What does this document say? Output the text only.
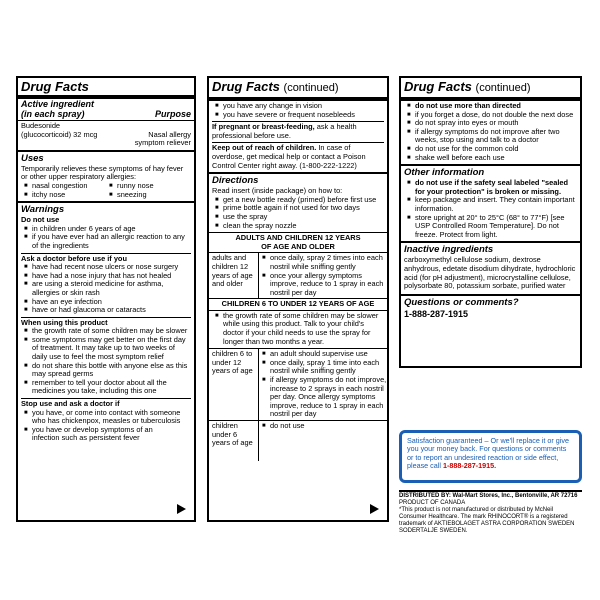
Drug Facts
Active ingredient
(in each spray)	Purpose
Budesonide
(glucocorticoid) 32 mcg	Nasal allergy symptom reliever
Uses
Temporarily relieves these symptoms of hay fever or other upper respiratory allergies:
■ nasal congestion	■ runny nose
■ itchy nose	■ sneezing
Warnings
Do not use
■ in children under 6 years of age
■ if you have ever had an allergic reaction to any of the ingredients
Ask a doctor before use if you
■ have had recent nose ulcers or nose surgery
■ have had a nose injury that has not healed
■ are using a steroid medicine for asthma, allergies or skin rash
■ have an eye infection
■ have or had glaucoma or cataracts
When using this product
■ the growth rate of some children may be slower
■ some symptoms may get better on the first day of treatment. It may take up to two weeks of daily use to feel the most symptom relief
■ do not share this bottle with anyone else as this may spread germs
■ remember to tell your doctor about all the medicines you take, including this one
Stop use and ask a doctor if
■ you have, or come into contact with someone who has chickenpox, measles or tuberculosis
■ you have or develop symptoms of an infection such as persistent fever
Drug Facts (continued)
■ you have any change in vision
■ you have severe or frequent nosebleeds
If pregnant or breast-feeding, ask a health professional before use.
Keep out of reach of children. In case of overdose, get medical help or contact a Poison Control Center right away. (1-800-222-1222)
Directions
Read insert (inside package) on how to:
■ get a new bottle ready (primed) before first use
■ prime bottle again if not used for two days
■ use the spray
■ clean the spray nozzle
ADULTS AND CHILDREN 12 YEARS OF AGE AND OLDER
adults and children 12 years of age and older
■ once daily, spray 2 times into each nostril while sniffing gently
■ once your allergy symptoms improve, reduce to 1 spray in each nostril per day
CHILDREN 6 TO UNDER 12 YEARS OF AGE
■ the growth rate of some children may be slower while using this product. Talk to your child's doctor if your child needs to use the spray for longer than two months a year.
children 6 to under 12 years of age
■ an adult should supervise use
■ once daily, spray 1 time into each nostril while sniffing gently
■ if allergy symptoms do not improve, increase to 2 sprays in each nostril per day. Once allergy symptoms improve, reduce to 1 spray in each nostril per day
children under 6 years of age
■ do not use
Drug Facts (continued)
■ do not use more than directed
■ if you forget a dose, do not double the next dose
■ do not spray into eyes or mouth
■ if allergy symptoms do not improve after two weeks, stop using and talk to a doctor
■ do not use for the common cold
■ shake well before each use
Other information
■ do not use if the safety seal labeled "sealed for your protection" is broken or missing.
■ keep package and insert. They contain important information.
■ store upright at 20° to 25°C (68° to 77°F) [see USP Controlled Room Temperature]. Do not freeze. Protect from light.
Inactive ingredients
carboxymethyl cellulose sodium, dextrose anhydrous, edetate disodium dihydrate, hydrochloric acid (for pH adjustment), microcrystalline cellulose, polysorbate 80, potassium sorbate, purified water
Questions or comments?
1-888-287-1915
Satisfaction guaranteed – Or we'll replace it or give you your money back. For questions or comments or to report an undesired reaction or side effect, please call 1-888-287-1915.
DISTRIBUTED BY: Wal-Mart Stores, Inc., Bentonville, AR 72716
PRODUCT OF CANADA
*This product is not manufactured or distributed by McNeil Consumer Healthcare. The mark RHINOCORT® is a registered trademark of AKTIEBOLAGET ASTRA CORPORATION SWEDEN SODERTALJE SWEDEN.
